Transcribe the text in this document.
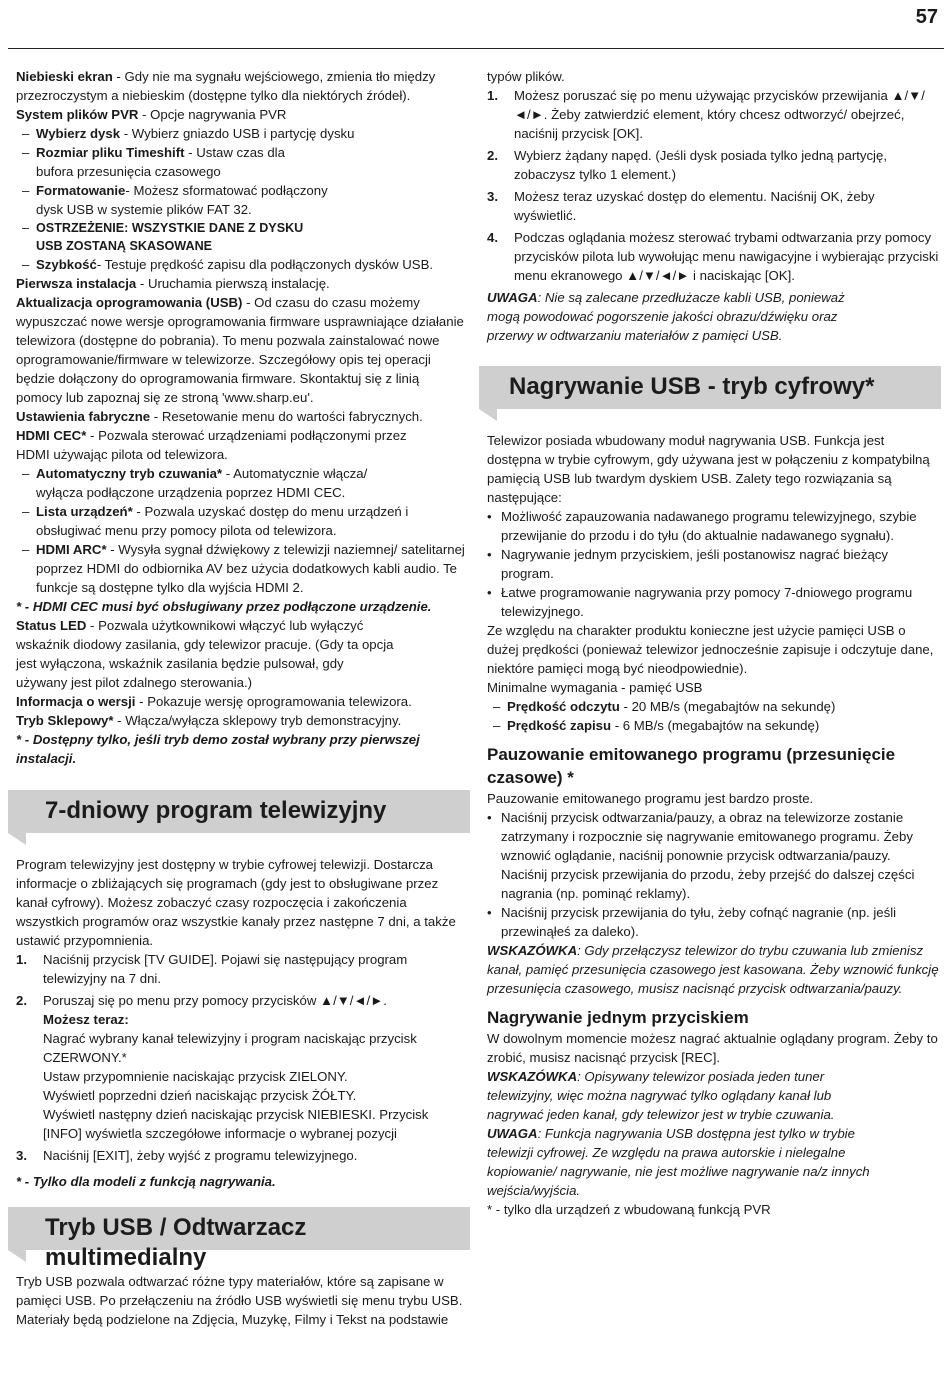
57

Niebieski ekran - Gdy nie ma sygnału wejściowego, zmienia tło między przezroczystym a niebieskim (dostępne tylko dla niektórych źródeł).

System plików PVR - Opcje nagrywania PVR

– Wybierz dysk - Wybierz gniazdo USB i partycję dysku

– Rozmiar pliku Timeshift - Ustaw czas dla bufora przesunięcia czasowego

– Formatowanie- Możesz sformatować podłączony dysk USB w systemie plików FAT 32.

– OSTRZEŻENIE: WSZYSTKIE DANE Z DYSKU USB ZOSTANĄ SKASOWANE

– Szybkość- Testuje prędkość zapisu dla podłączonych dysków USB.

Pierwsza instalacja - Uruchamia pierwszą instalację.

Aktualizacja oprogramowania (USB) - Od czasu do czasu możemy wypuszczać nowe wersje oprogramowania firmware usprawniające działanie telewizora (dostępne do pobrania). To menu pozwala zainstalować nowe oprogramowanie/firmware w telewizorze. Szczegółowy opis tej operacji będzie dołączony do oprogramowania firmware. Skontaktuj się z linią pomocy lub zapoznaj się ze stroną 'www.sharp.eu'.

Ustawienia fabryczne - Resetowanie menu do wartości fabrycznych.

HDMI CEC* - Pozwala sterować urządzeniami podłączonymi przez HDMI używając pilota od telewizora.

– Automatyczny tryb czuwania* - Automatycznie włącza/ wyłącza podłączone urządzenia poprzez HDMI CEC.

– Lista urządzeń* - Pozwala uzyskać dostęp do menu urządzeń i obsługiwać menu przy pomocy pilota od telewizora.

– HDMI ARC* - Wysyła sygnał dźwiękowy z telewizji naziemnej/ satelitarnej poprzez HDMI do odbiornika AV bez użycia dodatkowych kabli audio. Te funkcje są dostępne tylko dla wyjścia HDMI 2.

* - HDMI CEC musi być obsługiwany przez podłączone urządzenie.

Status LED - Pozwala użytkownikowi włączyć lub wyłączyć wskaźnik diodowy zasilania, gdy telewizor pracuje. (Gdy ta opcja jest wyłączona, wskaźnik zasilania będzie pulsował, gdy używany jest pilot zdalnego sterowania.)

Informacja o wersji - Pokazuje wersję oprogramowania telewizora.

Tryb Sklepowy* - Włącza/wyłącza sklepowy tryb demonstracyjny.

* - Dostępny tylko, jeśli tryb demo został wybrany przy pierwszej instalacji.

7-dniowy program telewizyjny

Program telewizyjny jest dostępny w trybie cyfrowej telewizji. Dostarcza informacje o zbliżających się programach (gdy jest to obsługiwane przez kanał cyfrowy). Możesz zobaczyć czasy rozpoczęcia i zakończenia wszystkich programów oraz wszystkie kanały przez następne 7 dni, a także ustawić przypomnienia.

1. Naciśnij przycisk [TV GUIDE]. Pojawi się następujący program telewizyjny na 7 dni.
2. Poruszaj się po menu przy pomocy przycisków ▲/▼/◄/►.
Możesz teraz:
Nagrać wybrany kanał telewizyjny i program naciskając przycisk CZERWONY.*
Ustaw przypomnienie naciskając przycisk ZIELONY.
Wyświetl poprzedni dzień naciskając przycisk ŻÓŁTY.
Wyświetl następny dzień naciskając przycisk NIEBIESKI. Przycisk [INFO] wyświetla szczegółowe informacje o wybranej pozycji
3. Naciśnij [EXIT], żeby wyjść z programu telewizyjnego.

* - Tylko dla modeli z funkcją nagrywania.

Tryb USB / Odtwarzacz multimedialny

Tryb USB pozwala odtwarzać różne typy materiałów, które są zapisane w pamięci USB. Po przełączeniu na źródło USB wyświetli się menu trybu USB. Materiały będą podzielone na Zdjęcia, Muzykę, Filmy i Tekst na podstawie

typów plików.

1. Możesz poruszać się po menu używając przycisków przewijania ▲/▼/◄/►. Żeby zatwierdzić element, który chcesz odtworzyć/ obejrzeć, naciśnij przycisk [OK].
2. Wybierz żądany napęd. (Jeśli dysk posiada tylko jedną partycję, zobaczysz tylko 1 element.)
3. Możesz teraz uzyskać dostęp do elementu. Naciśnij OK, żeby wyświetlić.
4. Podczas oglądania możesz sterować trybami odtwarzania przy pomocy przycisków pilota lub wywołując menu nawigacyjne i wybierając przyciski menu ekranowego ▲/▼/◄/► i naciskając [OK].

UWAGA: Nie są zalecane przedłużacze kabli USB, ponieważ mogą powodować pogorszenie jakości obrazu/dźwięku oraz przerwy w odtwarzaniu materiałów z pamięci USB.

Nagrywanie USB - tryb cyfrowy*

Telewizor posiada wbudowany moduł nagrywania USB. Funkcja jest dostępna w trybie cyfrowym, gdy używana jest w połączeniu z kompatybilną pamięcią USB lub twardym dyskiem USB. Zalety tego rozwiązania są następujące:

• Możliwość zapauzowania nadawanego programu telewizyjnego, szybie przewijanie do przodu i do tyłu (do aktualnie nadawanego sygnału).
• Nagrywanie jednym przyciskiem, jeśli postanowisz nagrać bieżący program.
• Łatwe programowanie nagrywania przy pomocy 7-dniowego programu telewizyjnego.

Ze względu na charakter produktu konieczne jest użycie pamięci USB o dużej prędkości (ponieważ telewizor jednocześnie zapisuje i odczytuje dane, niektóre pamięci mogą być nieodpowiednie).

Minimalne wymagania - pamięć USB

– Prędkość odczytu - 20 MB/s (megabajtów na sekundę)

– Prędkość zapisu - 6 MB/s (megabajtów na sekundę)

Pauzowanie emitowanego programu (przesunięcie czasowe) *

Pauzowanie emitowanego programu jest bardzo proste.

• Naciśnij przycisk odtwarzania/pauzy, a obraz na telewizorze zostanie zatrzymany i rozpocznie się nagrywanie emitowanego programu. Żeby wznowić oglądanie, naciśnij ponownie przycisk odtwarzania/pauzy. Naciśnij przycisk przewijania do przodu, żeby przejść do dalszej części nagrania (np. pominąć reklamy).
• Naciśnij przycisk przewijania do tyłu, żeby cofnąć nagranie (np. jeśli przewinąłeś za daleko).

WSKAZÓWKA: Gdy przełączysz telewizor do trybu czuwania lub zmienisz kanał, pamięć przesunięcia czasowego jest kasowana. Żeby wznowić funkcję przesunięcia czasowego, musisz nacisnąć przycisk odtwarzania/pauzy.

Nagrywanie jednym przyciskiem

W dowolnym momencie możesz nagrać aktualnie oglądany program. Żeby to zrobić, musisz nacisnąć przycisk [REC].

WSKAZÓWKA: Opisywany telewizor posiada jeden tuner telewizyjny, więc można nagrywać tylko oglądany kanał lub nagrywać jeden kanał, gdy telewizor jest w trybie czuwania.

UWAGA: Funkcja nagrywania USB dostępna jest tylko w trybie telewizji cyfrowej. Ze względu na prawa autorskie i nielegalne kopiowanie/ nagrywanie, nie jest możliwe nagrywanie na/z innych wejścia/wyjścia.

* - tylko dla urządzeń z wbudowaną funkcją PVR
